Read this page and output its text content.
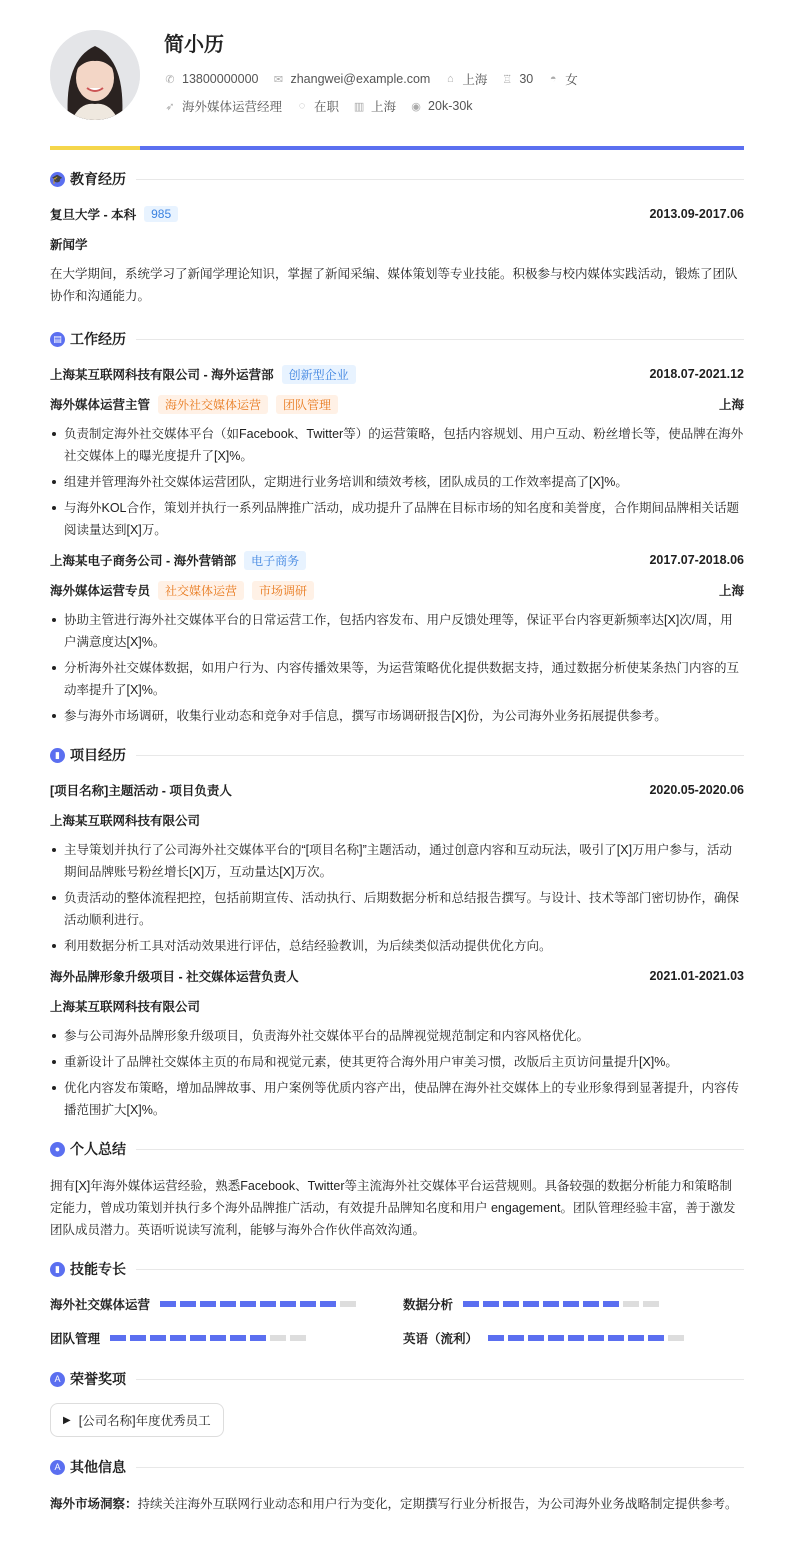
简小历
✆ 13800000000 ✉ zhangwei@example.com ⌂ 上海 ♖ 30 ◓ 女
➶ 海外媒体运营经理 ◌ 在职 ▥ 上海 ◉ 20k-30k
🎓 教育经历
复旦大学 - 本科	985	2013.09-2017.06
新闻学

在大学期间，系统学习了新闻学理论知识，掌握了新闻采编、媒体策划等专业技能。积极参与校内媒体实践活动，锻炼了团队协作和沟通能力。

▤ 工作经历
上海某互联网科技有限公司 - 海外运营部	创新型企业	2018.07-2021.12
海外媒体运营主管	海外社交媒体运营	团队管理	上海
负责制定海外社交媒体平台（如Facebook、Twitter等）的运营策略，包括内容规划、用户互动、粉丝增长等，使品牌在海外社交媒体上的曝光度提升了[X]%。
组建并管理海外社交媒体运营团队，定期进行业务培训和绩效考核，团队成员的工作效率提高了[X]%。
与海外KOL合作，策划并执行一系列品牌推广活动，成功提升了品牌在目标市场的知名度和美誉度，合作期间品牌相关话题阅读量达到[X]万。
上海某电子商务公司 - 海外营销部	电子商务	2017.07-2018.06
海外媒体运营专员	社交媒体运营	市场调研	上海
协助主管进行海外社交媒体平台的日常运营工作，包括内容发布、用户反馈处理等，保证平台内容更新频率达[X]次/周，用户满意度达[X]%。
分析海外社交媒体数据，如用户行为、内容传播效果等，为运营策略优化提供数据支持，通过数据分析使某条热门内容的互动率提升了[X]%。
参与海外市场调研，收集行业动态和竞争对手信息，撰写市场调研报告[X]份，为公司海外业务拓展提供参考。
▮ 项目经历
[项目名称]主题活动 - 项目负责人	2020.05-2020.06
上海某互联网科技有限公司
主导策划并执行了公司海外社交媒体平台的“[项目名称]”主题活动，通过创意内容和互动玩法，吸引了[X]万用户参与，活动期间品牌账号粉丝增长[X]万，互动量达[X]万次。
负责活动的整体流程把控，包括前期宣传、活动执行、后期数据分析和总结报告撰写。与设计、技术等部门密切协作，确保活动顺利进行。
利用数据分析工具对活动效果进行评估，总结经验教训，为后续类似活动提供优化方向。
海外品牌形象升级项目 - 社交媒体运营负责人	2021.01-2021.03
上海某互联网科技有限公司
参与公司海外品牌形象升级项目，负责海外社交媒体平台的品牌视觉规范制定和内容风格优化。
重新设计了品牌社交媒体主页的布局和视觉元素，使其更符合海外用户审美习惯，改版后主页访问量提升[X]%。
优化内容发布策略，增加品牌故事、用户案例等优质内容产出，使品牌在海外社交媒体上的专业形象得到显著提升，内容传播范围扩大[X]%。
● 个人总结

拥有[X]年海外媒体运营经验，熟悉Facebook、Twitter等主流海外社交媒体平台运营规则。具备较强的数据分析能力和策略制定能力，曾成功策划并执行多个海外品牌推广活动，有效提升品牌知名度和用户 engagement。团队管理经验丰富，善于激发团队成员潜力。英语听说读写流利，能够与海外合作伙伴高效沟通。

▮ 技能专长
海外社交媒体运营	数据分析
团队管理	英语（流利）
A 荣誉奖项
▶ [公司名称]年度优秀员工
A 其他信息

海外市场洞察：持续关注海外互联网行业动态和用户行为变化，定期撰写行业分析报告，为公司海外业务战略制定提供参考。
